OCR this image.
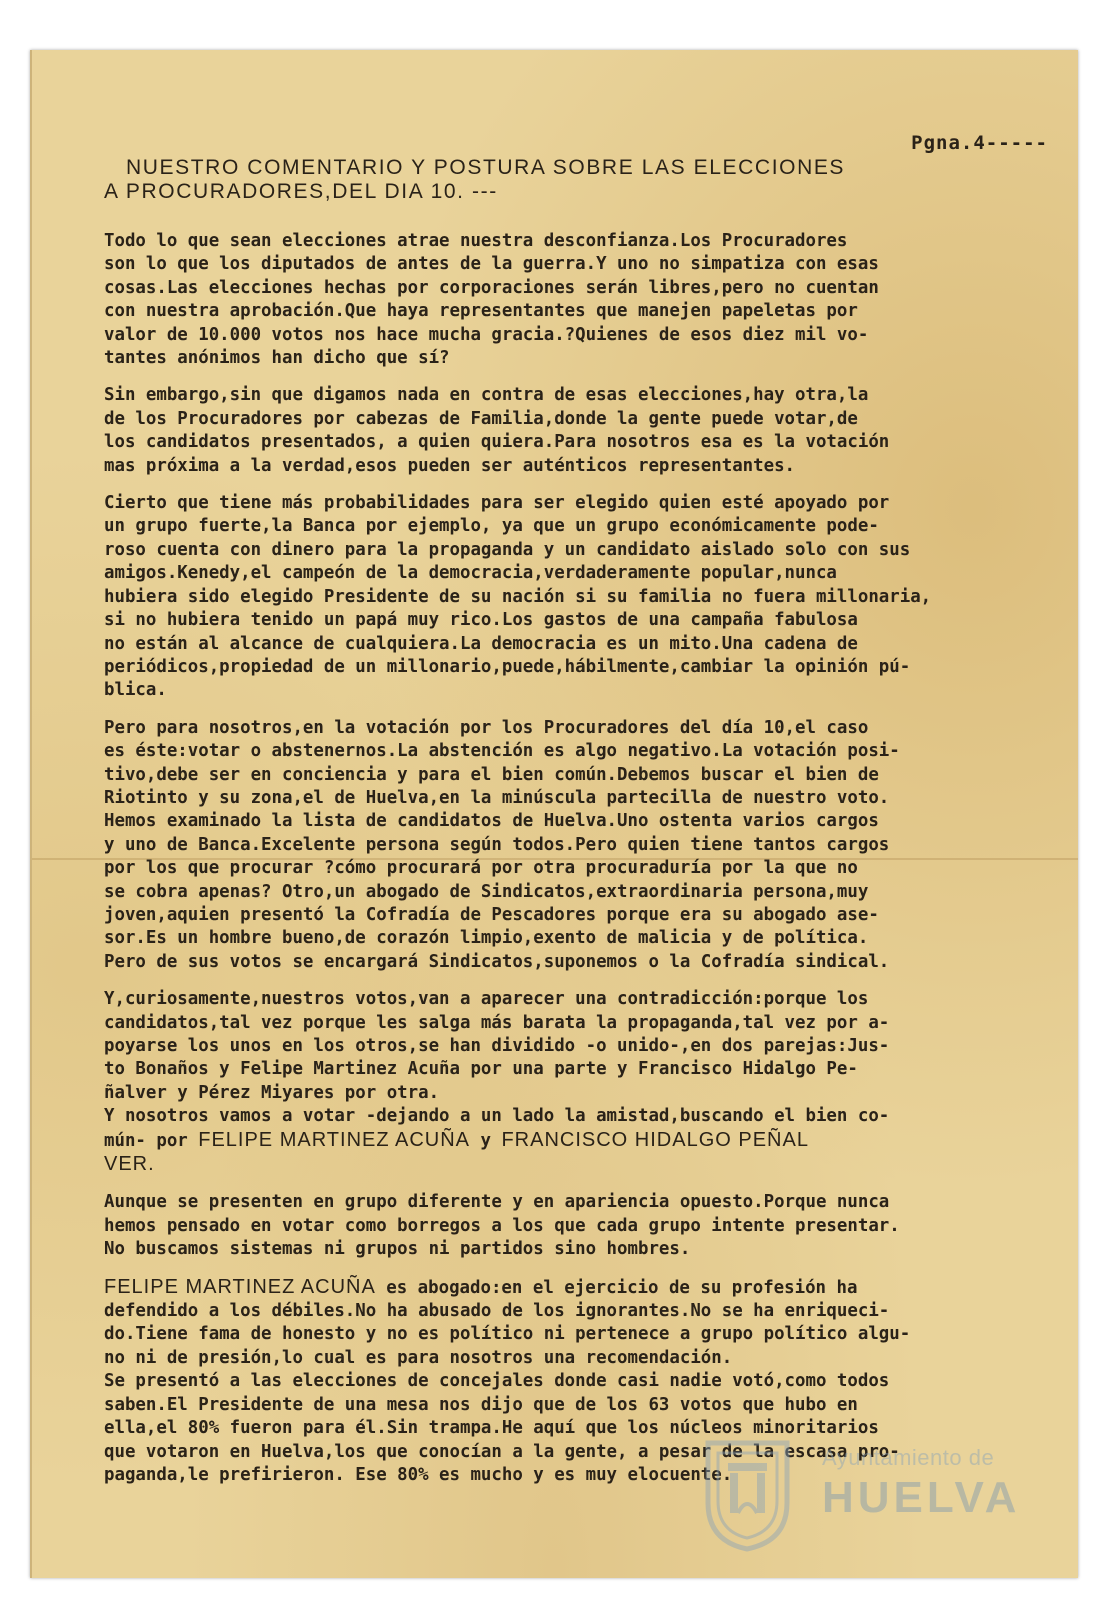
Pgna.4-----
NUESTRO COMENTARIO Y POSTURA SOBRE LAS ELECCIONES
A PROCURADORES,DEL DIA 10. ---

Todo lo que sean elecciones atrae nuestra desconfianza.Los Procuradores
son lo que los diputados de antes de la guerra.Y uno no simpatiza con esas
cosas.Las elecciones hechas por corporaciones serán libres,pero no cuentan
con nuestra aprobación.Que haya representantes que manejen papeletas por
valor de 10.000 votos nos hace mucha gracia.?Quienes de esos diez mil vo-
tantes anónimos han dicho que sí?

Sin embargo,sin que digamos nada en contra de esas elecciones,hay otra,la
de los Procuradores por cabezas de Familia,donde la gente puede votar,de
los candidatos presentados, a quien quiera.Para nosotros esa es la votación
mas próxima a la verdad,esos pueden ser auténticos representantes.

Cierto que tiene más probabilidades para ser elegido quien esté apoyado por
un grupo fuerte,la Banca por ejemplo, ya que un grupo económicamente pode-
roso cuenta con dinero para la propaganda y un candidato aislado solo con sus
amigos.Kenedy,el campeón de la democracia,verdaderamente popular,nunca
hubiera sido elegido Presidente de su nación si su familia no fuera millonaria,
si no hubiera tenido un papá muy rico.Los gastos de una campaña fabulosa
no están al alcance de cualquiera.La democracia es un mito.Una cadena de
periódicos,propiedad de un millonario,puede,hábilmente,cambiar la opinión pú-
blica.

Pero para nosotros,en la votación por los Procuradores del día 10,el caso
es éste:votar o abstenernos.La abstención es algo negativo.La votación posi-
tivo,debe ser en conciencia y para el bien común.Debemos buscar el bien de
Riotinto y su zona,el de Huelva,en la minúscula partecilla de nuestro voto.
Hemos examinado la lista de candidatos de Huelva.Uno ostenta varios cargos
y uno de Banca.Excelente persona según todos.Pero quien tiene tantos cargos
por los que procurar ?cómo procurará por otra procuraduría por la que no
se cobra apenas? Otro,un abogado de Sindicatos,extraordinaria persona,muy
joven,aquien presentó la Cofradía de Pescadores porque era su abogado ase-
sor.Es un hombre bueno,de corazón limpio,exento de malicia y de política.
Pero de sus votos se encargará Sindicatos,suponemos o la Cofradía sindical.

Y,curiosamente,nuestros votos,van a aparecer una contradicción:porque los
candidatos,tal vez porque les salga más barata la propaganda,tal vez por a-
poyarse los unos en los otros,se han dividido -o unido-,en dos parejas:Jus-
to Bonaños y Felipe Martinez Acuña por una parte y Francisco Hidalgo Pe-
ñalver y Pérez Miyares por otra.

Y nosotros vamos a votar -dejando a un lado la amistad,buscando el bien co-
mún- por FELIPE MARTINEZ ACUÑA y FRANCISCO HIDALGO PEÑAL
VER.

Aunque se presenten en grupo diferente y en apariencia opuesto.Porque nunca
hemos pensado en votar como borregos a los que cada grupo intente presentar.
No buscamos sistemas ni grupos ni partidos sino hombres.

FELIPE MARTINEZ ACUÑA es abogado:en el ejercicio de su profesión ha
defendido a los débiles.No ha abusado de los ignorantes.No se ha enriqueci-
do.Tiene fama de honesto y no es político ni pertenece a grupo político algu-
no ni de presión,lo cual es para nosotros una recomendación.

Se presentó a las elecciones de concejales donde casi nadie votó,como todos
saben.El Presidente de una mesa nos dijo que de los 63 votos que hubo en
ella,el 80% fueron para él.Sin trampa.He aquí que los núcleos minoritarios
que votaron en Huelva,los que conocían a la gente, a pesar de la escasa pro-
paganda,le prefirieron. Ese 80% es mucho y es muy elocuente.

Ayuntamiento de
HUELVA
